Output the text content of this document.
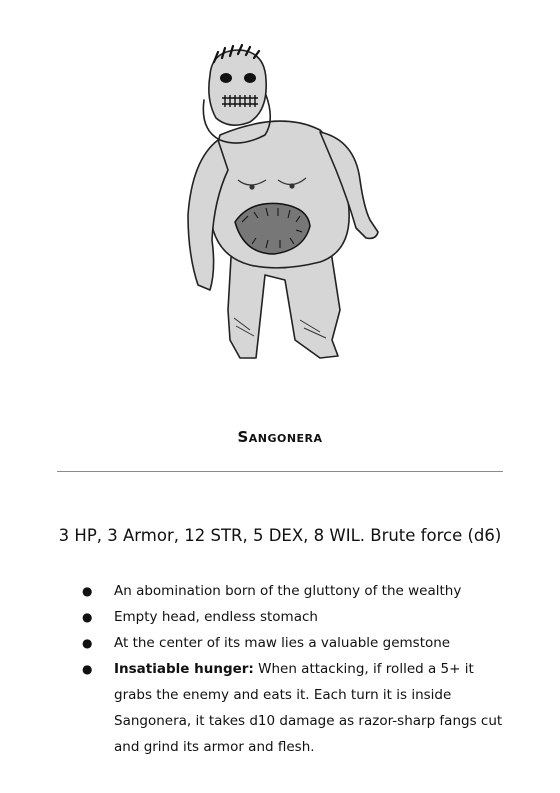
Sangonera
3 HP, 3 Armor, 12 STR, 5 DEX, 8 WIL. Brute force (d6)
● An abomination born of the gluttony of the wealthy
● Empty head, endless stomach
● At the center of its maw lies a valuable gemstone
● Insatiable hunger: When attacking, if rolled a 5+ it grabs the enemy and eats it. Each turn it is inside Sangonera, it takes d10 damage as razor-sharp fangs cut and grind its armor and flesh.
